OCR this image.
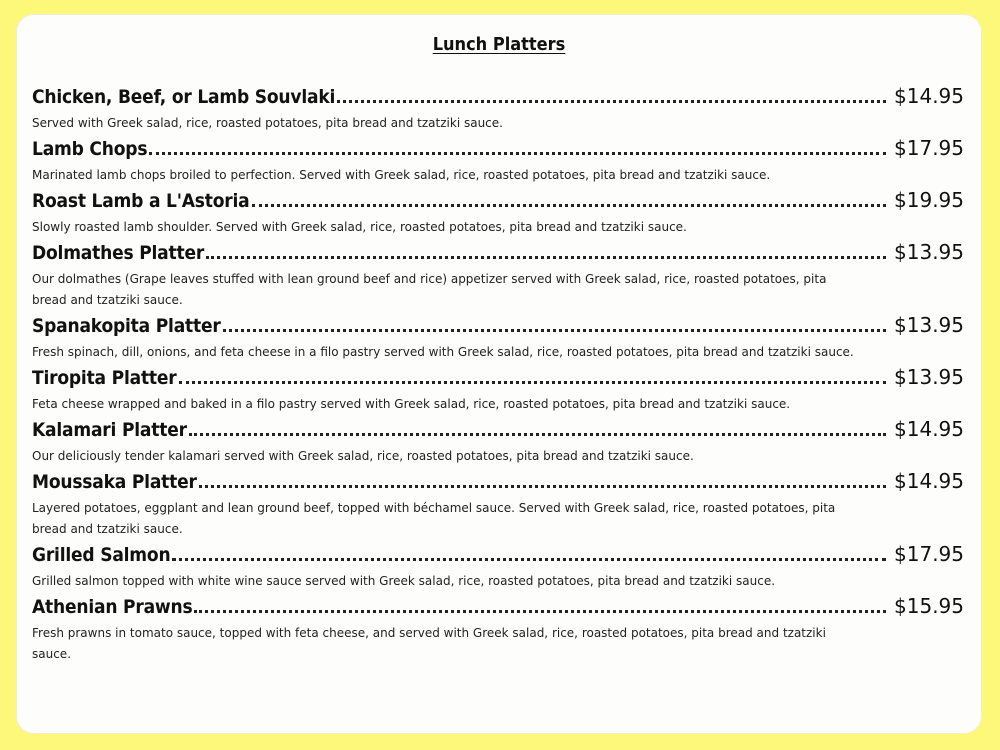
Lunch Platters
Chicken, Beef, or Lamb Souvlaki	$14.95
Served with Greek salad, rice, roasted potatoes, pita bread and tzatziki sauce.
Lamb Chops	$17.95
Marinated lamb chops broiled to perfection. Served with Greek salad, rice, roasted potatoes, pita bread and tzatziki sauce.
Roast Lamb a L'Astoria	$19.95
Slowly roasted lamb shoulder. Served with Greek salad, rice, roasted potatoes, pita bread and tzatziki sauce.
Dolmathes Platter	$13.95
Our dolmathes (Grape leaves stuffed with lean ground beef and rice) appetizer served with Greek salad, rice, roasted potatoes, pita bread and tzatziki sauce.
Spanakopita Platter	$13.95
Fresh spinach, dill, onions, and feta cheese in a filo pastry served with Greek salad, rice, roasted potatoes, pita bread and tzatziki sauce.
Tiropita Platter	$13.95
Feta cheese wrapped and baked in a filo pastry served with Greek salad, rice, roasted potatoes, pita bread and tzatziki sauce.
Kalamari Platter	$14.95
Our deliciously tender kalamari served with Greek salad, rice, roasted potatoes, pita bread and tzatziki sauce.
Moussaka Platter	$14.95
Layered potatoes, eggplant and lean ground beef, topped with béchamel sauce. Served with Greek salad, rice, roasted potatoes, pita bread and tzatziki sauce.
Grilled Salmon	$17.95
Grilled salmon topped with white wine sauce served with Greek salad, rice, roasted potatoes, pita bread and tzatziki sauce.
Athenian Prawns	$15.95
Fresh prawns in tomato sauce, topped with feta cheese, and served with Greek salad, rice, roasted potatoes, pita bread and tzatziki sauce.
